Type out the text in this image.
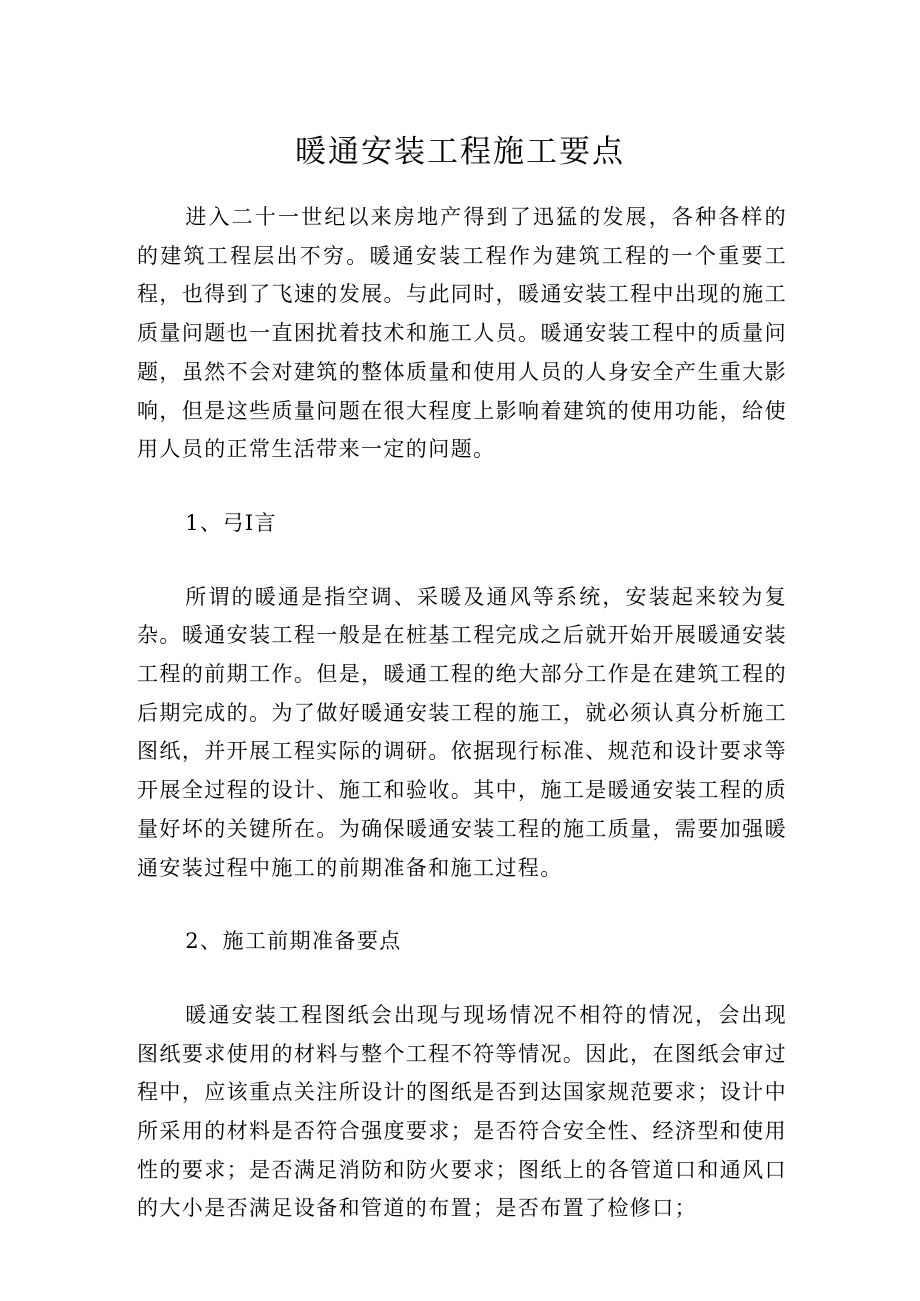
暖通安装工程施工要点

进入二十一世纪以来房地产得到了迅猛的发展，各种各样的的建筑工程层出不穷。暖通安装工程作为建筑工程的一个重要工程，也得到了飞速的发展。与此同时，暖通安装工程中出现的施工质量问题也一直困扰着技术和施工人员。暖通安装工程中的质量问题，虽然不会对建筑的整体质量和使用人员的人身安全产生重大影响，但是这些质量问题在很大程度上影响着建筑的使用功能，给使用人员的正常生活带来一定的问题。

1、弓I言

所谓的暖通是指空调、采暖及通风等系统，安装起来较为复杂。暖通安装工程一般是在桩基工程完成之后就开始开展暖通安装工程的前期工作。但是，暖通工程的绝大部分工作是在建筑工程的后期完成的。为了做好暖通安装工程的施工，就必须认真分析施工图纸，并开展工程实际的调研。依据现行标准、规范和设计要求等开展全过程的设计、施工和验收。其中，施工是暖通安装工程的质量好坏的关键所在。为确保暖通安装工程的施工质量，需要加强暖通安装过程中施工的前期准备和施工过程。

2、施工前期准备要点

暖通安装工程图纸会出现与现场情况不相符的情况，会出现图纸要求使用的材料与整个工程不符等情况。因此，在图纸会审过程中，应该重点关注所设计的图纸是否到达国家规范要求；设计中所采用的材料是否符合强度要求；是否符合安全性、经济型和使用性的要求；是否满足消防和防火要求；图纸上的各管道口和通风口的大小是否满足设备和管道的布置；是否布置了检修口；
